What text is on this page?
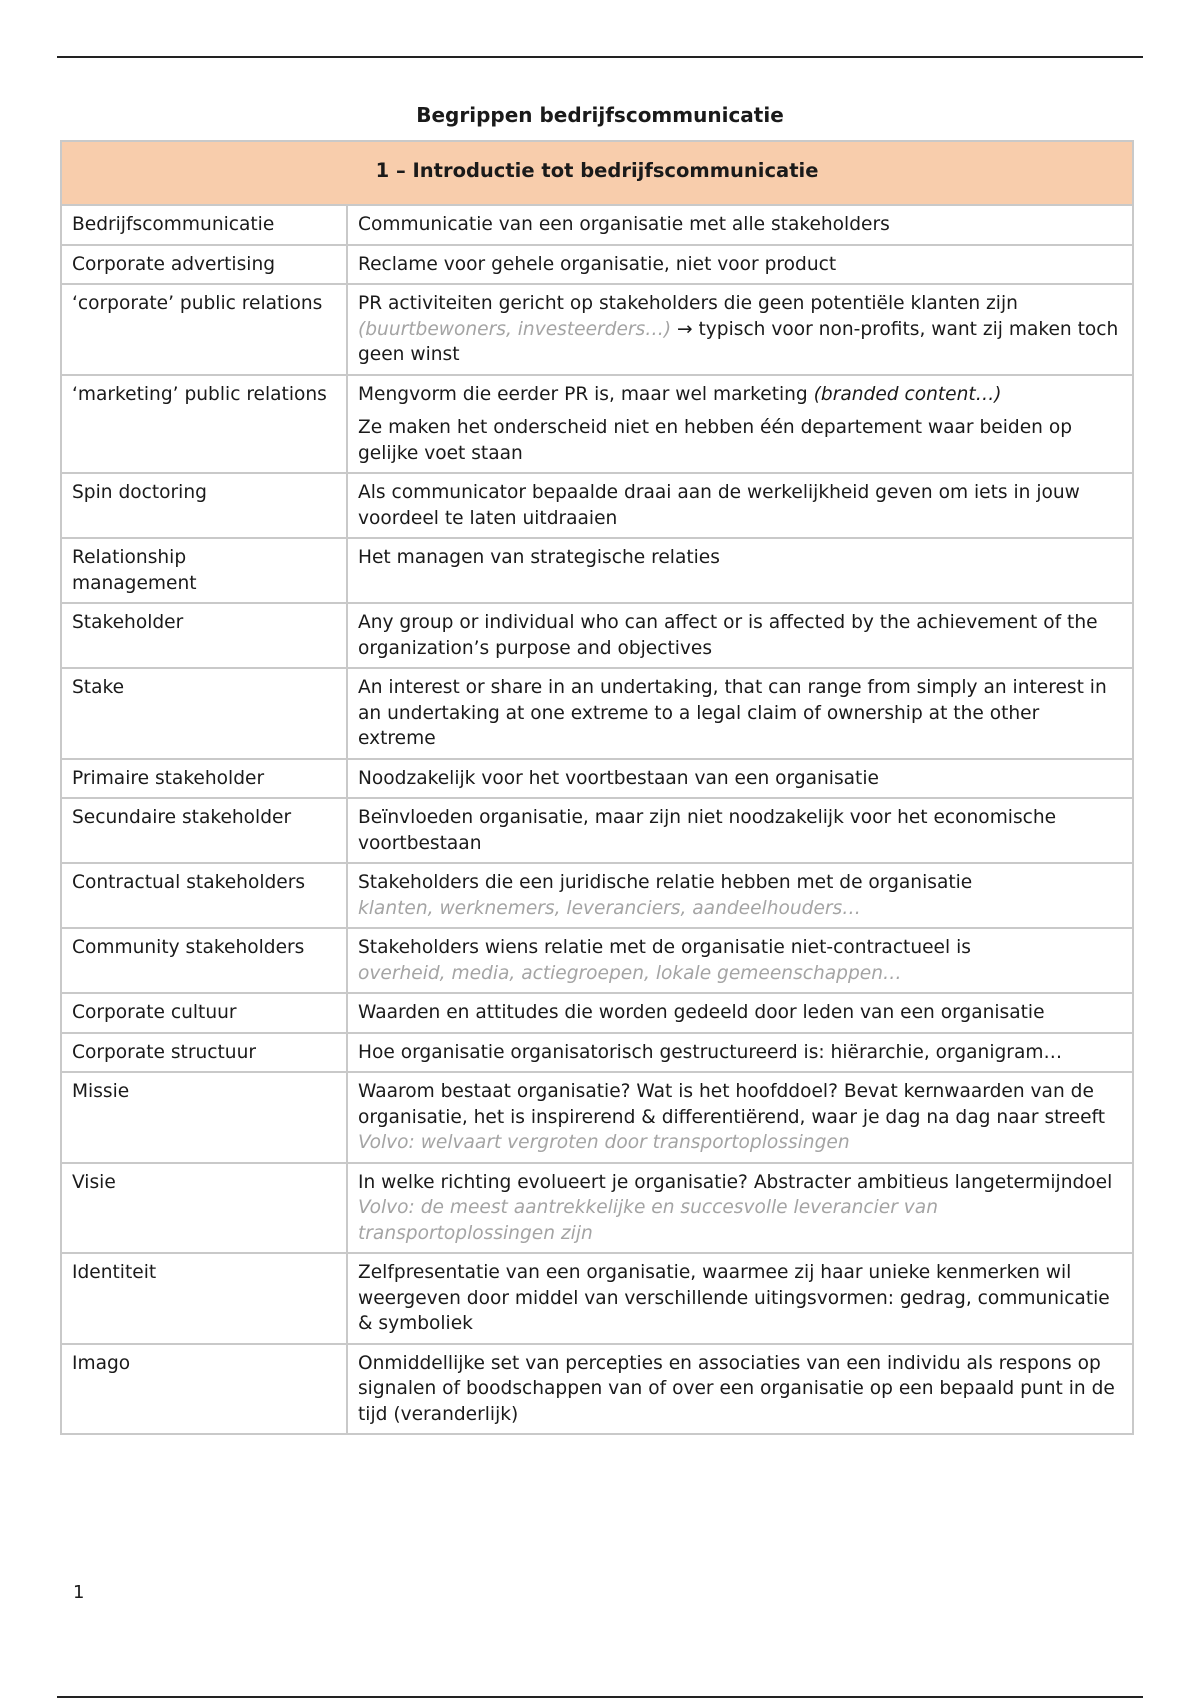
Begrippen bedrijfscommunicatie
1 – Introductie tot bedrijfscommunicatie	
Bedrijfscommunicatie	Communicatie van een organisatie met alle stakeholders
Corporate advertising	Reclame voor gehele organisatie, niet voor product
‘corporate’ public relations	PR activiteiten gericht op stakeholders die geen potentiële klanten zijn (buurtbewoners, investeerders…) → typisch voor non-profits, want zij maken toch geen winst
‘marketing’ public relations	Mengvorm die eerder PR is, maar wel marketing (branded content…)

Ze maken het onderscheid niet en hebben één departement waar beiden op gelijke voet staan

Spin doctoring	Als communicator bepaalde draai aan de werkelijkheid geven om iets in jouw voordeel te laten uitdraaien
Relationship management	Het managen van strategische relaties
Stakeholder	Any group or individual who can affect or is affected by the achievement of the organization’s purpose and objectives
Stake	An interest or share in an undertaking, that can range from simply an interest in an undertaking at one extreme to a legal claim of ownership at the other extreme
Primaire stakeholder	Noodzakelijk voor het voortbestaan van een organisatie
Secundaire stakeholder	Beïnvloeden organisatie, maar zijn niet noodzakelijk voor het economische voortbestaan
Contractual stakeholders	Stakeholders die een juridische relatie hebben met de organisatie
klanten, werknemers, leveranciers, aandeelhouders…

Community stakeholders	Stakeholders wiens relatie met de organisatie niet-contractueel is
overheid, media, actiegroepen, lokale gemeenschappen…

Corporate cultuur	Waarden en attitudes die worden gedeeld door leden van een organisatie
Corporate structuur	Hoe organisatie organisatorisch gestructureerd is: hiërarchie, organigram…
Missie	Waarom bestaat organisatie? Wat is het hoofddoel? Bevat kernwaarden van de organisatie, het is inspirerend & differentiërend, waar je dag na dag naar streeft
Volvo: welvaart vergroten door transportoplossingen

Visie	In welke richting evolueert je organisatie? Abstracter ambitieus langetermijndoel
Volvo: de meest aantrekkelijke en succesvolle leverancier van transportoplossingen zijn

Identiteit	Zelfpresentatie van een organisatie, waarmee zij haar unieke kenmerken wil weergeven door middel van verschillende uitingsvormen: gedrag, communicatie & symboliek
Imago	Onmiddellijke set van percepties en associaties van een individu als respons op signalen of boodschappen van of over een organisatie op een bepaald punt in de tijd (veranderlijk)
1
